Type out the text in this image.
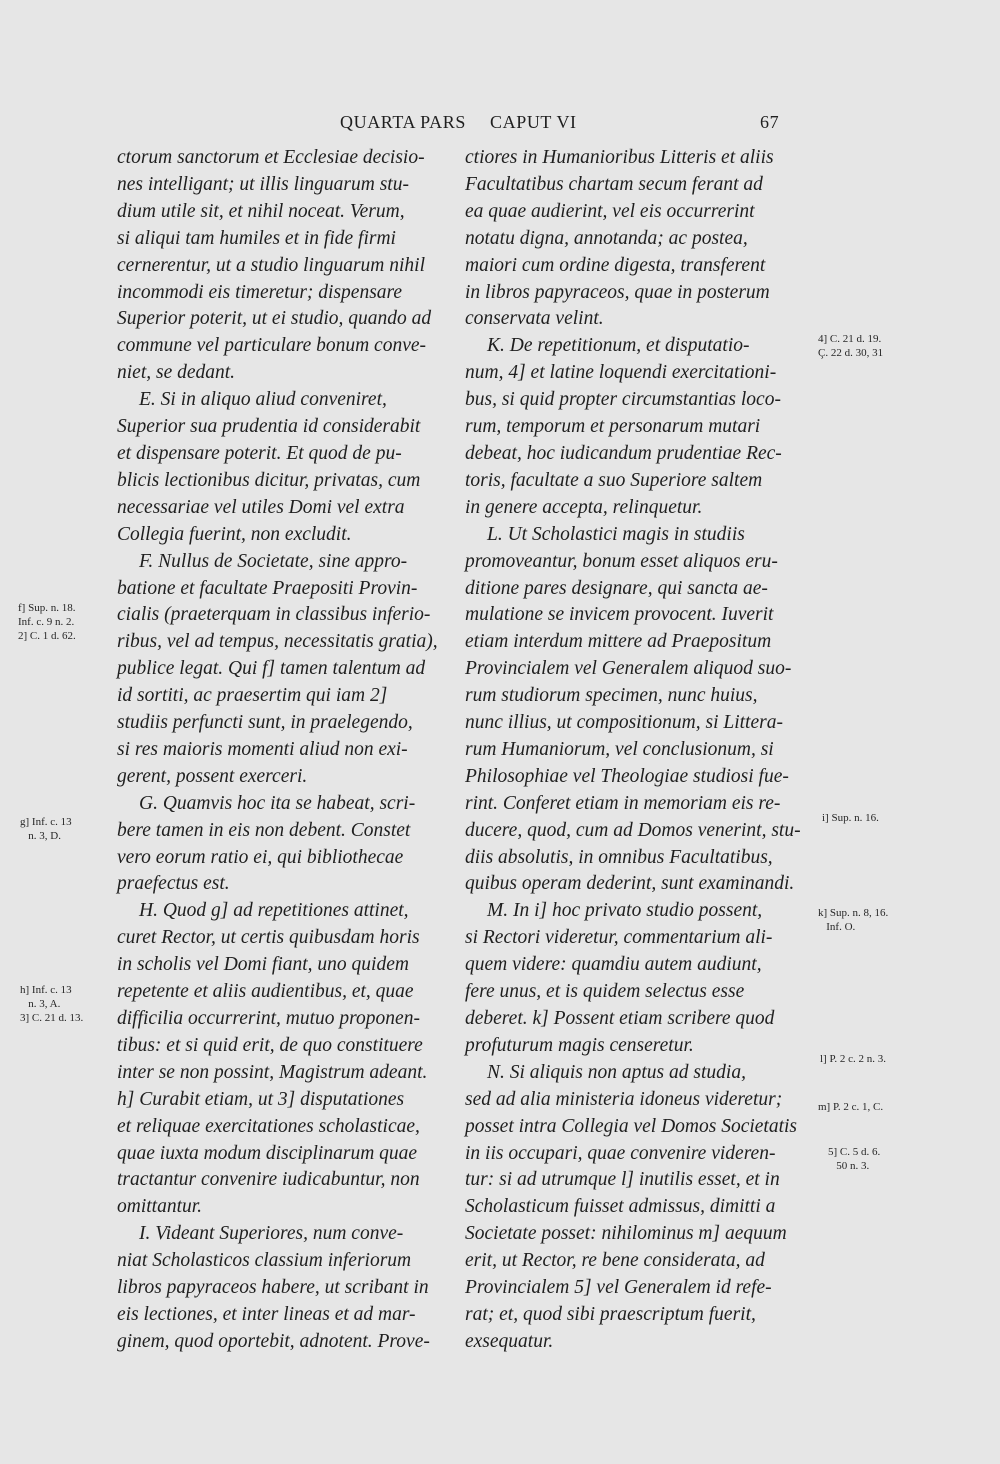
QUARTA PARS CAPUT VI	67

ctorum sanctorum et Ecclesiae decisio-

nes intelligant; ut illis linguarum stu-

dium utile sit, et nihil noceat. Verum,

si aliqui tam humiles et in fide firmi

cernerentur, ut a studio linguarum nihil

incommodi eis timeretur; dispensare

Superior poterit, ut ei studio, quando ad

commune vel particulare bonum conve-

niet, se dedant.

E. Si in aliquo aliud conveniret,

Superior sua prudentia id considerabit

et dispensare poterit. Et quod de pu-

blicis lectionibus dicitur, privatas, cum

necessariae vel utiles Domi vel extra

Collegia fuerint, non excludit.

F. Nullus de Societate, sine appro-

batione et facultate Praepositi Provin-

cialis (praeterquam in classibus inferio-

ribus, vel ad tempus, necessitatis gratia),

publice legat. Qui f] tamen talentum ad

id sortiti, ac praesertim qui iam 2]

studiis perfuncti sunt, in praelegendo,

si res maioris momenti aliud non exi-

gerent, possent exerceri.

G. Quamvis hoc ita se habeat, scri-

bere tamen in eis non debent. Constet

vero eorum ratio ei, qui bibliothecae

praefectus est.

H. Quod g] ad repetitiones attinet,

curet Rector, ut certis quibusdam horis

in scholis vel Domi fiant, uno quidem

repetente et aliis audientibus, et, quae

difficilia occurrerint, mutuo proponen-

tibus: et si quid erit, de quo constituere

inter se non possint, Magistrum adeant.

h] Curabit etiam, ut 3] disputationes

et reliquae exercitationes scholasticae,

quae iuxta modum disciplinarum quae

tractantur convenire iudicabuntur, non

omittantur.

I. Videant Superiores, num conve-

niat Scholasticos classium inferiorum

libros papyraceos habere, ut scribant in

eis lectiones, et inter lineas et ad mar-

ginem, quod oportebit, adnotent. Prove-

ctiores in Humanioribus Litteris et aliis

Facultatibus chartam secum ferant ad

ea quae audierint, vel eis occurrerint

notatu digna, annotanda; ac postea,

maiori cum ordine digesta, transferent

in libros papyraceos, quae in posterum

conservata velint.

K. De repetitionum, et disputatio-

num, 4] et latine loquendi exercitationi-

bus, si quid propter circumstantias loco-

rum, temporum et personarum mutari

debeat, hoc iudicandum prudentiae Rec-

toris, facultate a suo Superiore saltem

in genere accepta, relinquetur.

L. Ut Scholastici magis in studiis

promoveantur, bonum esset aliquos eru-

ditione pares designare, qui sancta ae-

mulatione se invicem provocent. Iuverit

etiam interdum mittere ad Praepositum

Provincialem vel Generalem aliquod suo-

rum studiorum specimen, nunc huius,

nunc illius, ut compositionum, si Littera-

rum Humaniorum, vel conclusionum, si

Philosophiae vel Theologiae studiosi fue-

rint. Conferet etiam in memoriam eis re-

ducere, quod, cum ad Domos venerint, stu-

diis absolutis, in omnibus Facultatibus,

quibus operam dederint, sunt examinandi.

M. In i] hoc privato studio possent,

si Rectori videretur, commentarium ali-

quem videre: quamdiu autem audiunt,

fere unus, et is quidem selectus esse

deberet. k] Possent etiam scribere quod

profuturum magis censeretur.

N. Si aliquis non aptus ad studia,

sed ad alia ministeria idoneus videretur;

posset intra Collegia vel Domos Societatis

in iis occupari, quae convenire videren-

tur: si ad utrumque l] inutilis esset, et in

Scholasticum fuisset admissus, dimitti a

Societate posset: nihilominus m] aequum

erit, ut Rector, re bene considerata, ad

Provincialem 5] vel Generalem id refe-

rat; et, quod sibi praescriptum fuerit,

exsequatur.

f] Sup. n. 18.
Inf. c. 9 n. 2.
2] C. 1 d. 62.
g] Inf. c. 13
n. 3, D.
h] Inf. c. 13
n. 3, A.
3] C. 21 d. 13.
4] C. 21 d. 19.
Ç. 22 d. 30, 31
i] Sup. n. 16.
k] Sup. n. 8, 16.
Inf. O.
l] P. 2 c. 2 n. 3.
m] P. 2 c. 1, C.
5] C. 5 d. 6.
50 n. 3.
